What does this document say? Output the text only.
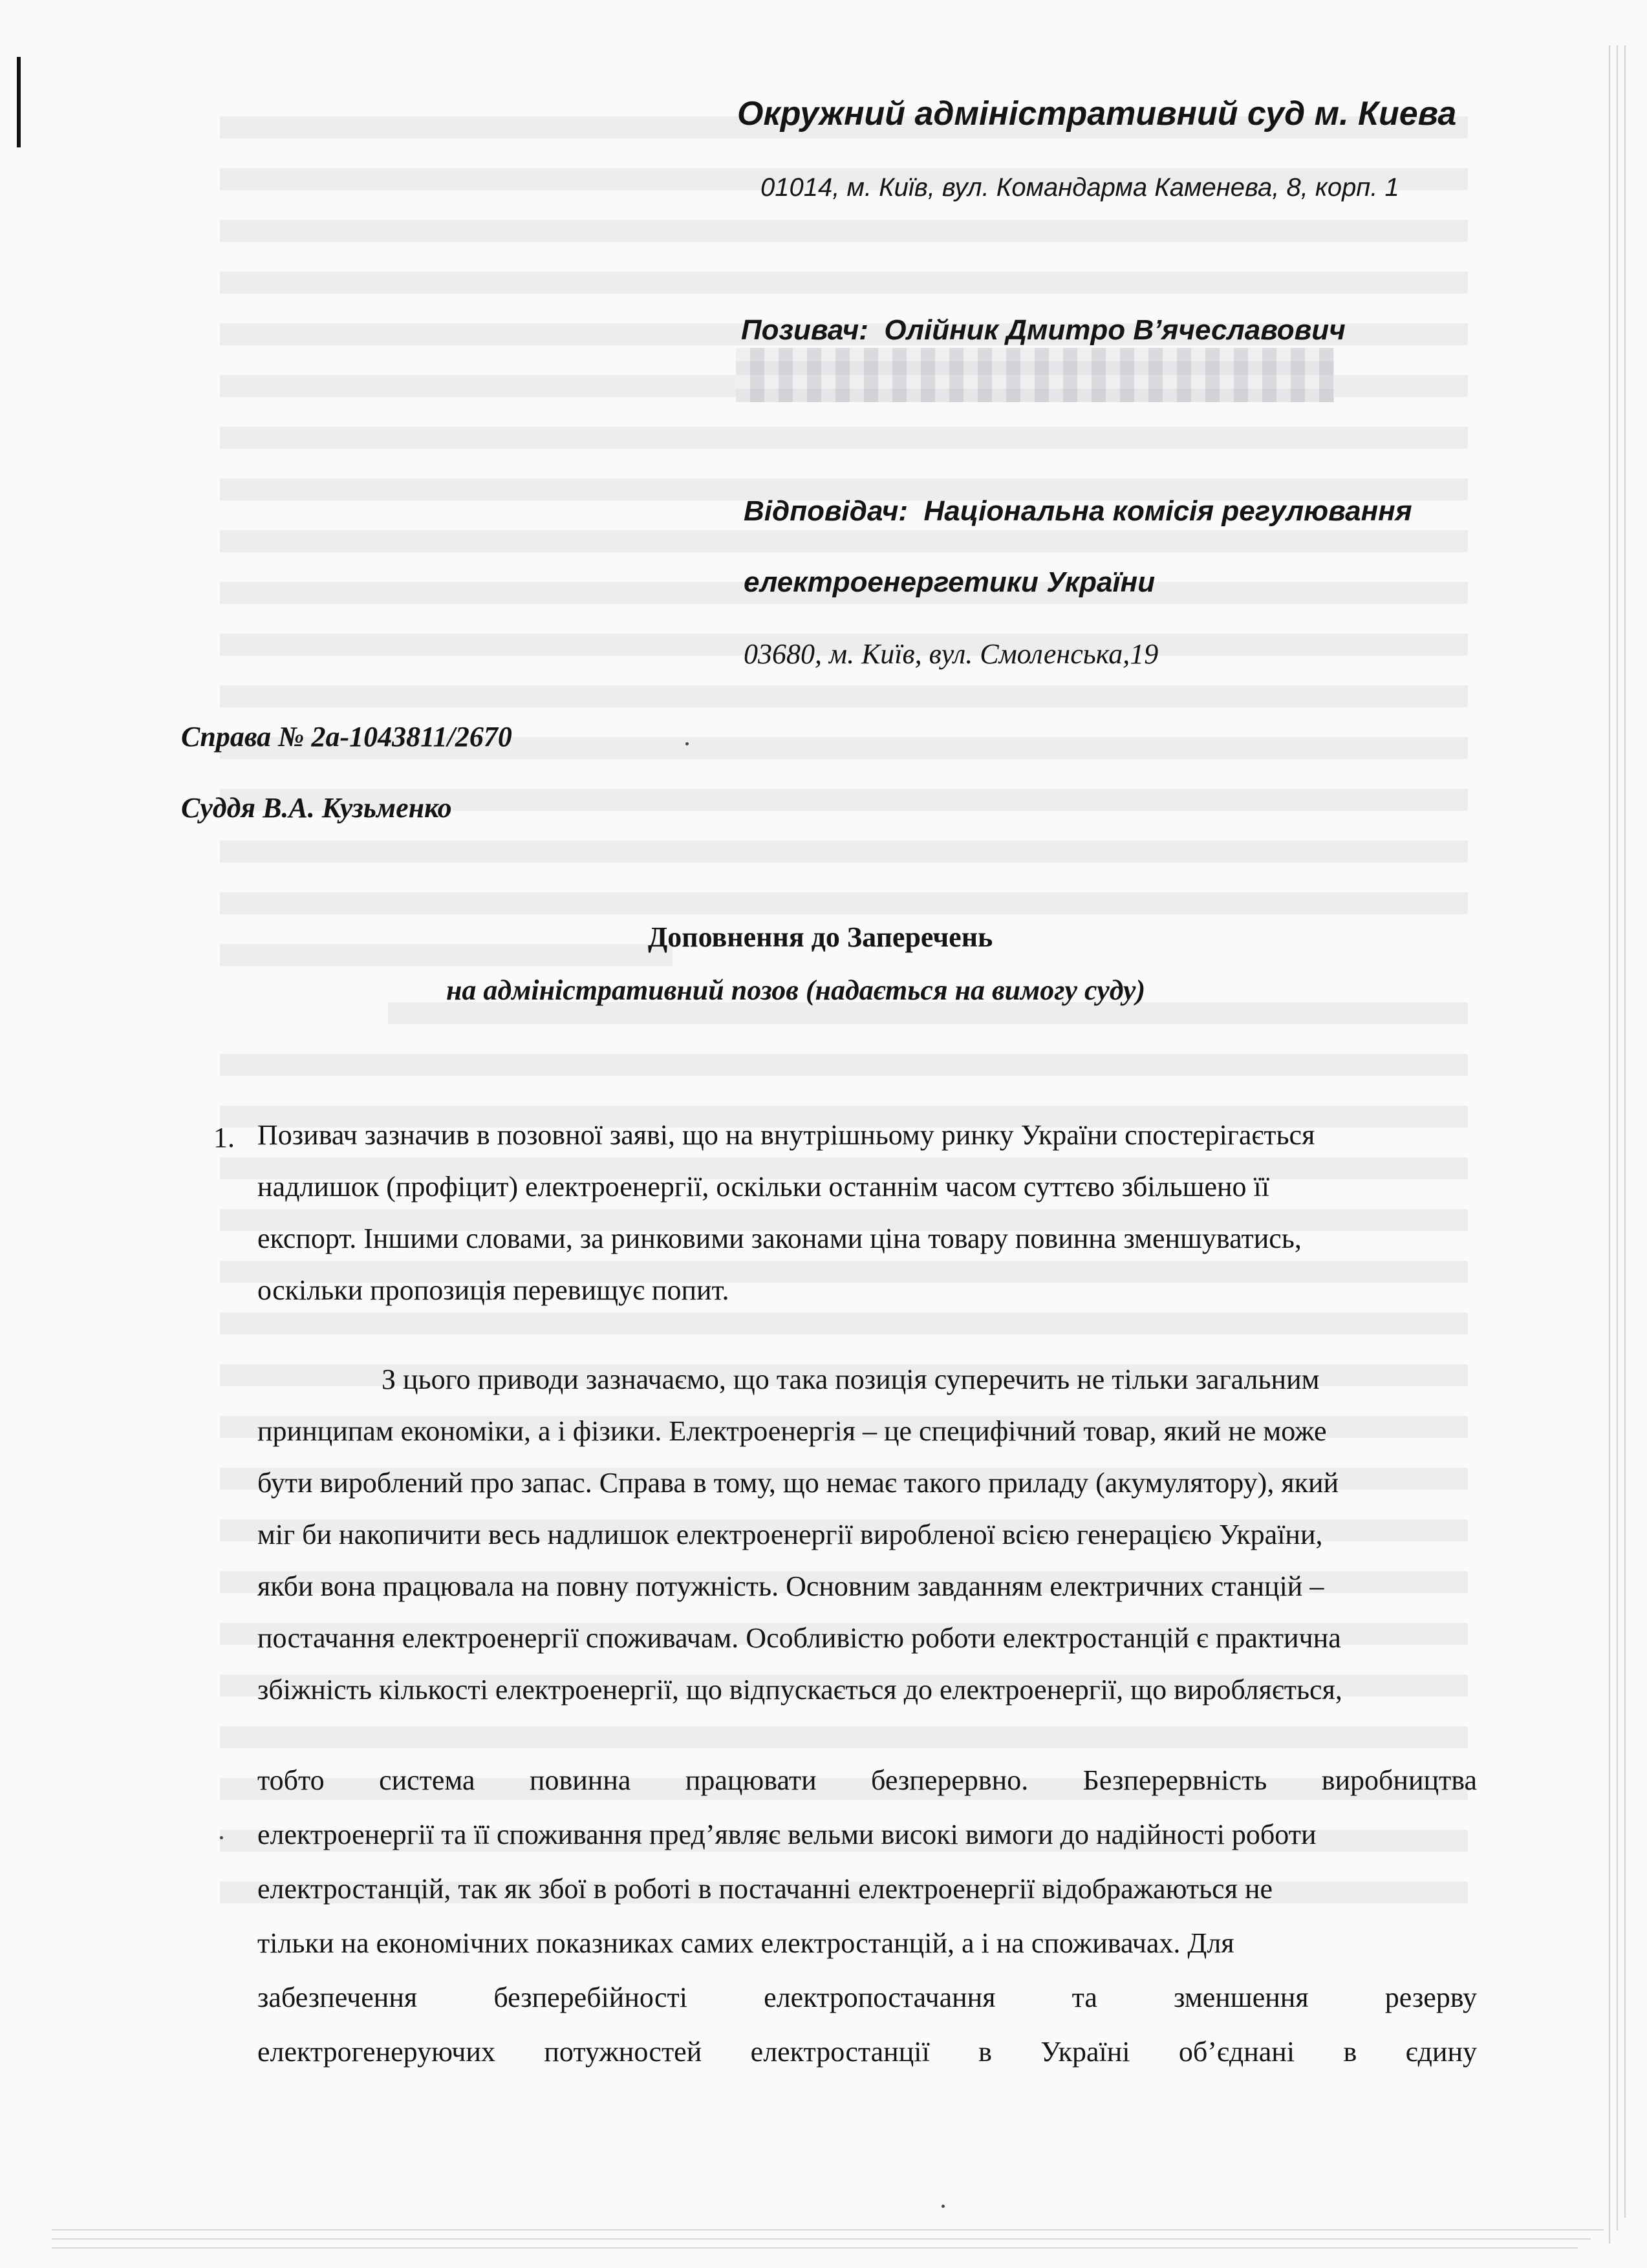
Окружний адміністративний суд м. Киева

01014, м. Київ, вул. Командарма Каменева, 8, корп. 1

Позивач: Олійник Дмитро В’ячеславович

Відповідач: Національна комісія регулювання

електроенергетики України

03680, м. Київ, вул. Смоленська,19

Справа № 2а-1043811/2670

Суддя В.А. Кузьменко

Доповнення до Заперечень

на адміністративний позов (надається на вимогу суду)

1. Позивач зазначив в позовної заяві, що на внутрішньому ринку України спостерігається
надлишок (профіцит) електроенергії, оскільки останнім часом суттєво збільшено її
експорт. Іншими словами, за ринковими законами ціна товару повинна зменшуватись,
оскільки пропозиція перевищує попит.
З цього приводи зазначаємо, що така позиція суперечить не тільки загальним
принципам економіки, а і фізики. Електроенергія – це специфічний товар, який не може
бути вироблений про запас. Справа в тому, що немає такого приладу (акумулятору), який
міг би накопичити весь надлишок електроенергії виробленої всією генерацією України,
якби вона працювала на повну потужність. Основним завданням електричних станцій –
постачання електроенергії споживачам. Особливістю роботи електростанцій є практична
збіжність кількості електроенергії, що відпускається до електроенергії, що виробляється,
тобто система повинна працювати безперервно. Безперервність виробництва
електроенергії та її споживання пред’являє вельми високі вимоги до надійності роботи
електростанцій, так як збої в роботі в постачанні електроенергії відображаються не
тільки на економічних показниках самих електростанцій, а і на споживачах. Для
забезпечення безперебійності електропостачання та зменшення резерву
електрогенеруючих потужностей електростанції в Україні об’єднані в єдину
